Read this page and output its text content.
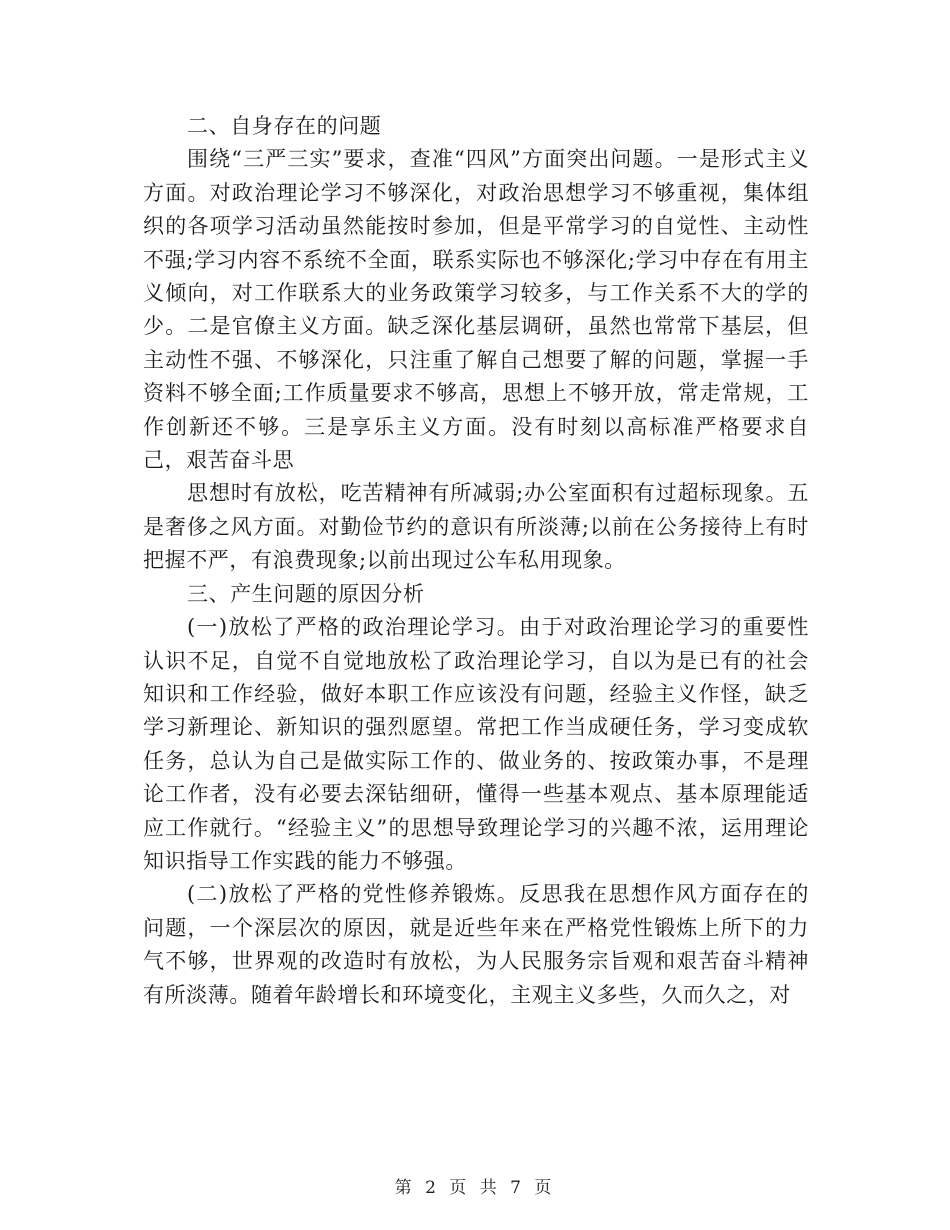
二、自身存在的问题

围绕“三严三实”要求，查准“四风”方面突出问题。一是形式主义方面。对政治理论学习不够深化，对政治思想学习不够重视，集体组织的各项学习活动虽然能按时参加，但是平常学习的自觉性、主动性不强;学习内容不系统不全面，联系实际也不够深化;学习中存在有用主义倾向，对工作联系大的业务政策学习较多，与工作关系不大的学的少。二是官僚主义方面。缺乏深化基层调研，虽然也常常下基层，但主动性不强、不够深化，只注重了解自己想要了解的问题，掌握一手资料不够全面;工作质量要求不够高，思想上不够开放，常走常规，工作创新还不够。三是享乐主义方面。没有时刻以高标准严格要求自己，艰苦奋斗思

思想时有放松，吃苦精神有所减弱;办公室面积有过超标现象。五是奢侈之风方面。对勤俭节约的意识有所淡薄;以前在公务接待上有时把握不严，有浪费现象;以前出现过公车私用现象。

三、产生问题的原因分析

(一)放松了严格的政治理论学习。由于对政治理论学习的重要性认识不足，自觉不自觉地放松了政治理论学习，自以为是已有的社会知识和工作经验，做好本职工作应该没有问题，经验主义作怪，缺乏学习新理论、新知识的强烈愿望。常把工作当成硬任务，学习变成软任务，总认为自己是做实际工作的、做业务的、按政策办事，不是理论工作者，没有必要去深钻细研，懂得一些基本观点、基本原理能适应工作就行。“经验主义”的思想导致理论学习的兴趣不浓，运用理论知识指导工作实践的能力不够强。

(二)放松了严格的党性修养锻炼。反思我在思想作风方面存在的问题，一个深层次的原因，就是近些年来在严格党性锻炼上所下的力气不够，世界观的改造时有放松，为人民服务宗旨观和艰苦奋斗精神有所淡薄。随着年龄增长和环境变化，主观主义多些，久而久之，对

第 2 页 共 7 页
